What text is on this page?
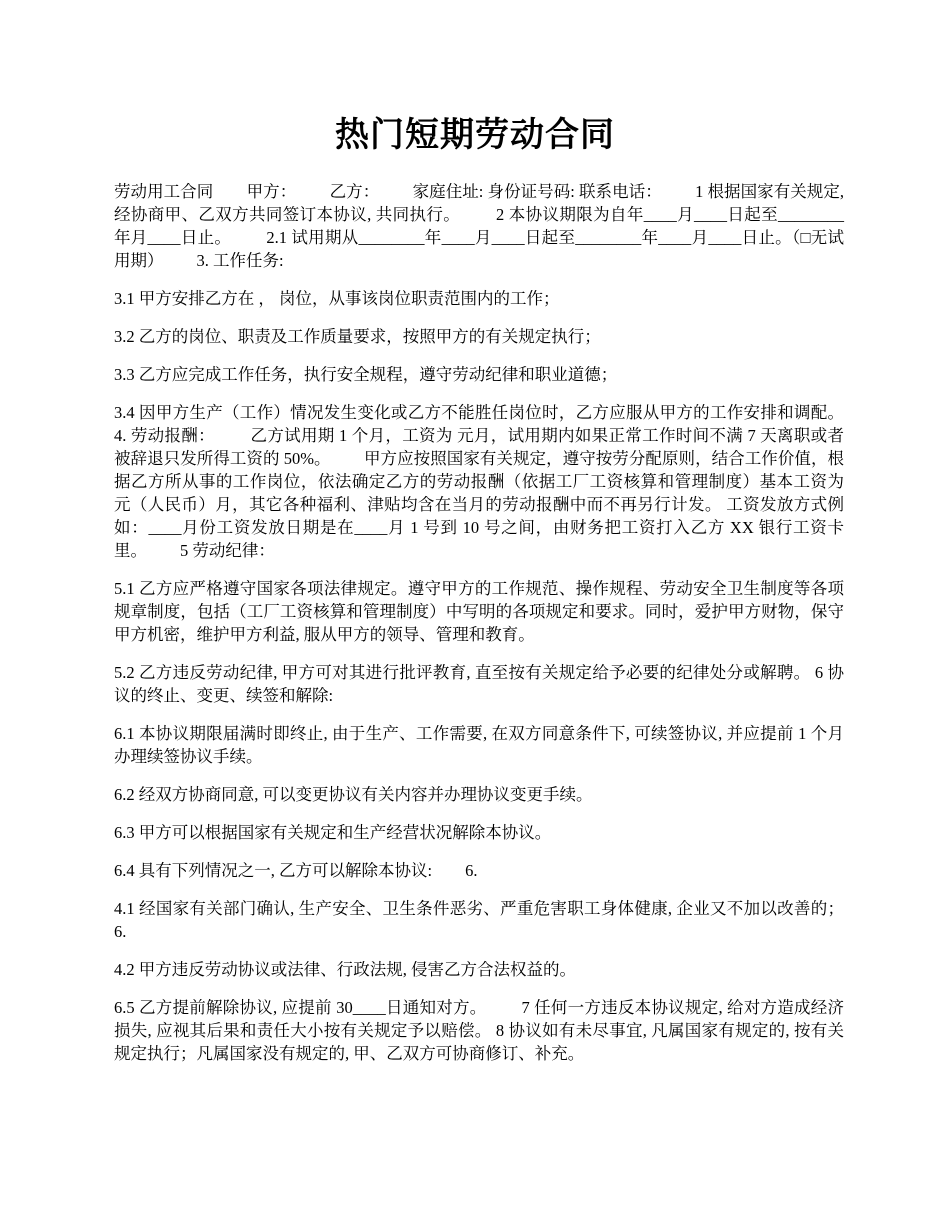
热门短期劳动合同

劳动用工合同        甲方：        乙方：        家庭住址: 身份证号码: 联系电话：        1 根据国家有关规定, 经协商甲、乙双方共同签订本协议, 共同执行。        2 本协议期限为自年____月____日起至________年月____日止。        2.1 试用期从________年____月____日起至________年____月____日止。（□无试用期）        3. 工作任务:

3.1 甲方安排乙方在 ， 岗位，从事该岗位职责范围内的工作；

3.2 乙方的岗位、职责及工作质量要求，按照甲方的有关规定执行；

3.3 乙方应完成工作任务，执行安全规程，遵守劳动纪律和职业道德；

3.4 因甲方生产（工作）情况发生变化或乙方不能胜任岗位时，乙方应服从甲方的工作安排和调配。        4. 劳动报酬：        乙方试用期 1 个月，工资为 元月，试用期内如果正常工作时间不满 7 天离职或者被辞退只发所得工资的 50%。        甲方应按照国家有关规定，遵守按劳分配原则，结合工作价值，根据乙方所从事的工作岗位，依法确定乙方的劳动报酬（依据工厂工资核算和管理制度）基本工资为 元（人民币）月，其它各种福利、津贴均含在当月的劳动报酬中而不再另行计发。 工资发放方式例如：____月份工资发放日期是在____月 1 号到 10 号之间，由财务把工资打入乙方 XX 银行工资卡里。        5 劳动纪律：

5.1 乙方应严格遵守国家各项法律规定。遵守甲方的工作规范、操作规程、劳动安全卫生制度等各项规章制度，包括（工厂工资核算和管理制度）中写明的各项规定和要求。同时，爱护甲方财物，保守甲方机密，维护甲方利益, 服从甲方的领导、管理和教育。

5.2 乙方违反劳动纪律, 甲方可对其进行批评教育, 直至按有关规定给予必要的纪律处分或解聘。 6 协议的终止、变更、续签和解除:

6.1 本协议期限届满时即终止, 由于生产、工作需要, 在双方同意条件下, 可续签协议, 并应提前 1 个月办理续签协议手续。

6.2 经双方协商同意, 可以变更协议有关内容并办理协议变更手续。

6.3 甲方可以根据国家有关规定和生产经营状况解除本协议。

6.4 具有下列情况之一, 乙方可以解除本协议:        6.

4.1 经国家有关部门确认, 生产安全、卫生条件恶劣、严重危害职工身体健康, 企业又不加以改善的；        6.

4.2 甲方违反劳动协议或法律、行政法规, 侵害乙方合法权益的。

6.5 乙方提前解除协议, 应提前 30____日通知对方。        7 任何一方违反本协议规定, 给对方造成经济损失, 应视其后果和责任大小按有关规定予以赔偿。 8 协议如有未尽事宜, 凡属国家有规定的, 按有关规定执行；凡属国家没有规定的, 甲、乙双方可协商修订、补充。
